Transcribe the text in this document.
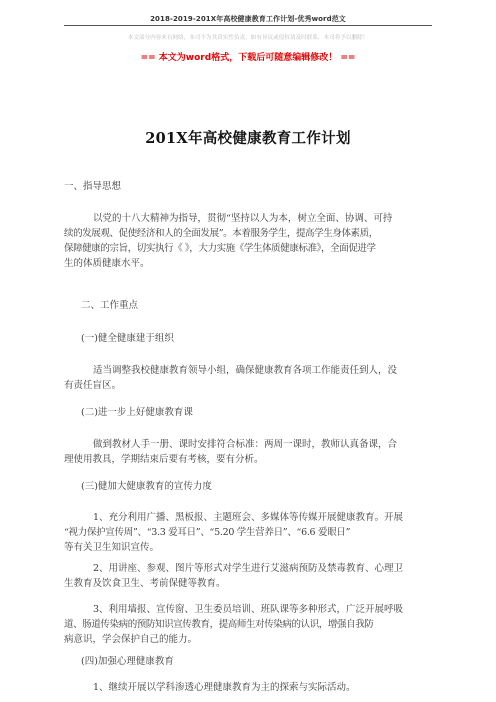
2018-2019-201X年高校健康教育工作计划-优秀word范文
本文部分内容来自网络，本司不为其真实性负责，如有异议或侵权请及时联系，本司将予以删除！
== 本文为word格式，下载后可随意编辑修改！ ==
201X年高校健康教育工作计划
一、指导思想
以党的十八大精神为指导，贯彻“坚持以人为本，树立全面、协调、可持
续的发展观、促使经济和人的全面发展”。本着服务学生，提高学生身体素质，
保障健康的宗旨，切实执行《 》，大力实施《学生体质健康标准》，全面促进学
生的体质健康水平。
二、工作重点
(一)健全健康建于组织
适当调整我校健康教育领导小组，确保健康教育各项工作能责任到人，没
有责任盲区。
(二)进一步上好健康教育课
做到教材人手一册、课时安排符合标准：两周一课时，教师认真备课，合
理使用教具，学期结束后要有考核，要有分析。
(三)健加大健康教育的宣传力度
1、充分利用广播、黑板报、主题班会、多媒体等传媒开展健康教育。开展
“视力保护宣传周”、“3.3 爱耳日”、“5.20 学生营养日”、“6.6 爱眼日”
等有关卫生知识宣传。
2、用讲座、参观、图片等形式对学生进行艾滋病预防及禁毒教育、心理卫
生教育及饮食卫生、考前保健等教育。
3、利用墙报、宣传窗、卫生委员培训、班队课等多种形式，广泛开展呼吸
道、肠道传染病的预防知识宣传教育，提高师生对传染病的认识，增强自我防
病意识，学会保护自己的能力。
(四)加强心理健康教育
1、继续开展以学科渗透心理健康教育为主的探索与实际活动。
